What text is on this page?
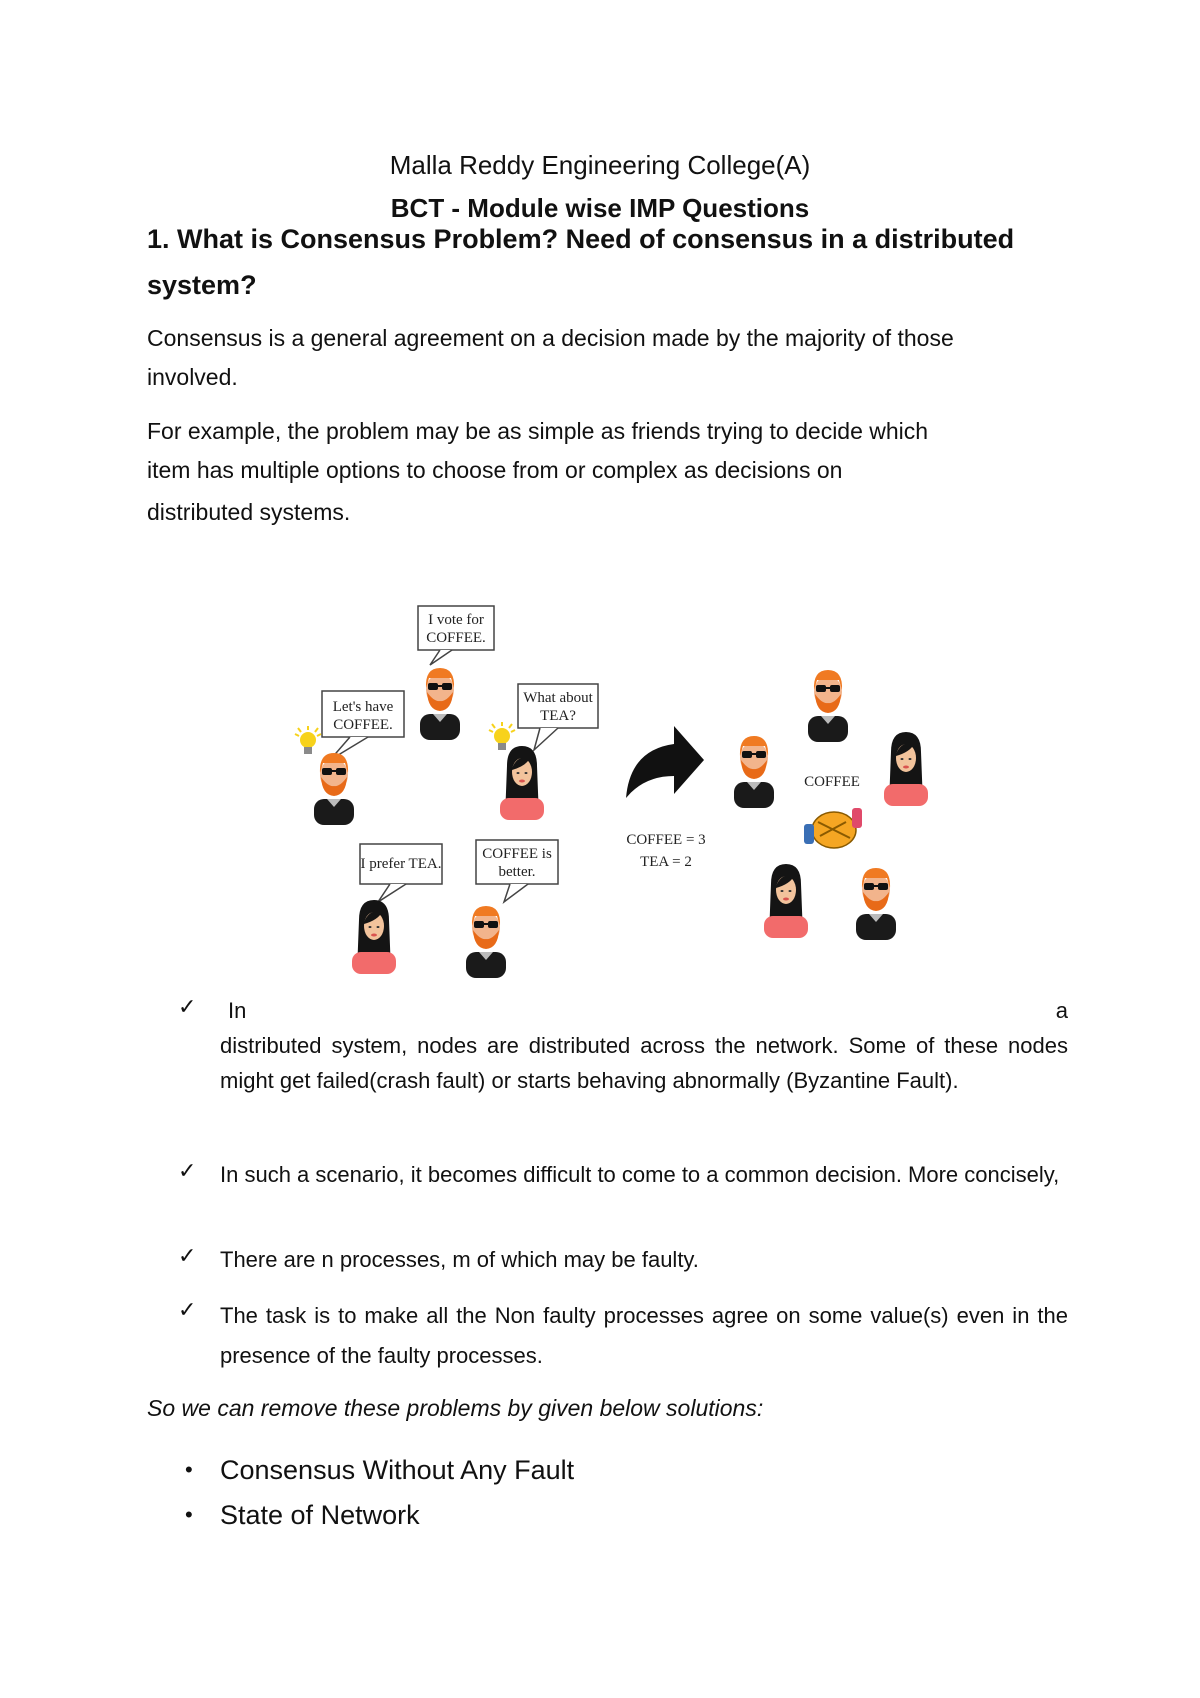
Malla Reddy Engineering College(A)
BCT - Module wise IMP Questions
1. What is Consensus Problem? Need of consensus in a distributed
system?
Consensus is a general agreement on a decision made by the majority of those
involved.
For example, the problem may be as simple as friends trying to decide which
item has multiple options to choose from or complex as decisions on
distributed systems.
I vote for
COFFEE.
Let's have
COFFEE.
What about
TEA?
I prefer TEA.
COFFEE is
better.
COFFEE = 3
TEA = 2
COFFEE
✓ In	a
distributed system, nodes are distributed across the network. Some of these nodes might get failed(crash fault) or starts behaving abnormally (Byzantine Fault).
✓ In such a scenario, it becomes difficult to come to a common decision. More concisely,
✓ There are n processes, m of which may be faulty.
✓ The task is to make all the Non faulty processes agree on some value(s) even in the presence of the faulty processes.
So we can remove these problems by given below solutions:
• Consensus Without Any Fault
• State of Network
